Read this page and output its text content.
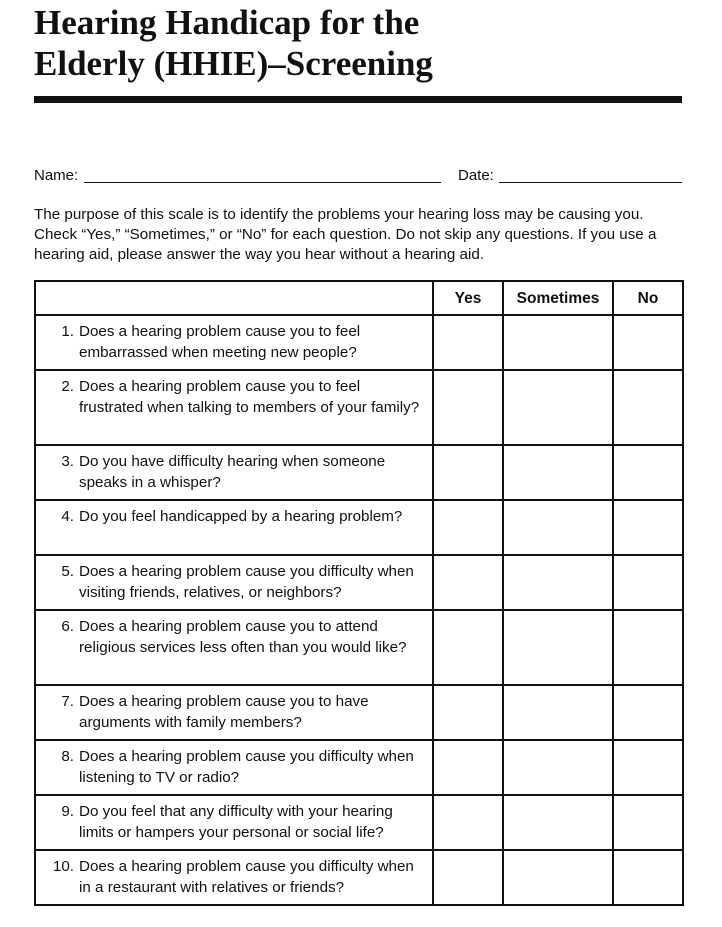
Hearing Handicap for the
Elderly (HHIE)–Screening
Name:	Date:
The purpose of this scale is to identify the problems your hearing loss may be causing you. Check “Yes,” “Sometimes,” or “No” for each question. Do not skip any questions. If you use a hearing aid, please answer the way you hear without a hearing aid.
	Yes	Sometimes	No

1. Does a hearing problem cause you to feel embarrassed when meeting new people?			

2. Does a hearing problem cause you to feel frustrated when talking to members of your family?			

3. Do you have difficulty hearing when someone speaks in a whisper?			

4. Do you feel handicapped by a hearing problem?			

5. Does a hearing problem cause you difficulty when visiting friends, relatives, or neighbors?			

6. Does a hearing problem cause you to attend religious services less often than you would like?			

7. Does a hearing problem cause you to have arguments with family members?			

8. Does a hearing problem cause you difficulty when listening to TV or radio?			

9. Do you feel that any difficulty with your hearing limits or hampers your personal or social life?			

10. Does a hearing problem cause you difficulty when in a restaurant with relatives or friends?			
